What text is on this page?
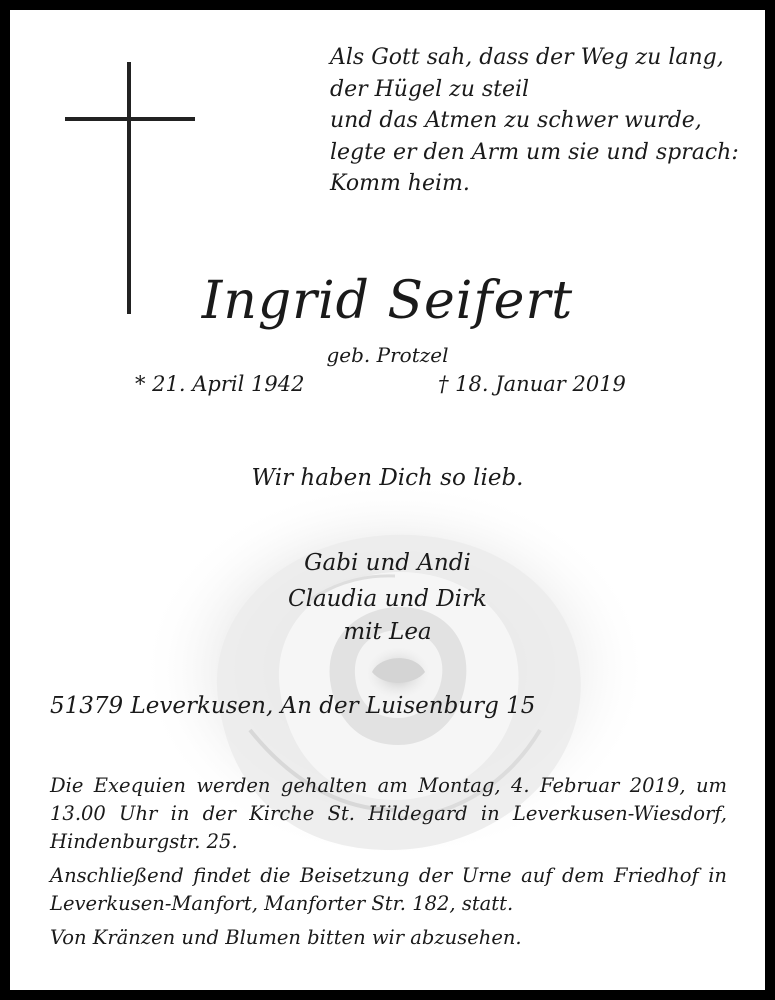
Als Gott sah, dass der Weg zu lang,
der Hügel zu steil
und das Atmen zu schwer wurde,
legte er den Arm um sie und sprach:
Komm heim.
Ingrid Seifert
geb. Protzel
* 21. April 1942	† 18. Januar 2019
Wir haben Dich so lieb.
Gabi und Andi
Claudia und Dirk
mit Lea
51379 Leverkusen, An der Luisenburg 15

Die Exequien werden gehalten am Montag, 4. Februar 2019, um 13.00 Uhr in der Kirche St. Hildegard in Leverkusen-Wiesdorf, Hindenburgstr. 25.

Anschließend findet die Beisetzung der Urne auf dem Friedhof in Leverkusen-Manfort, Manforter Str. 182, statt.

Von Kränzen und Blumen bitten wir abzusehen.
